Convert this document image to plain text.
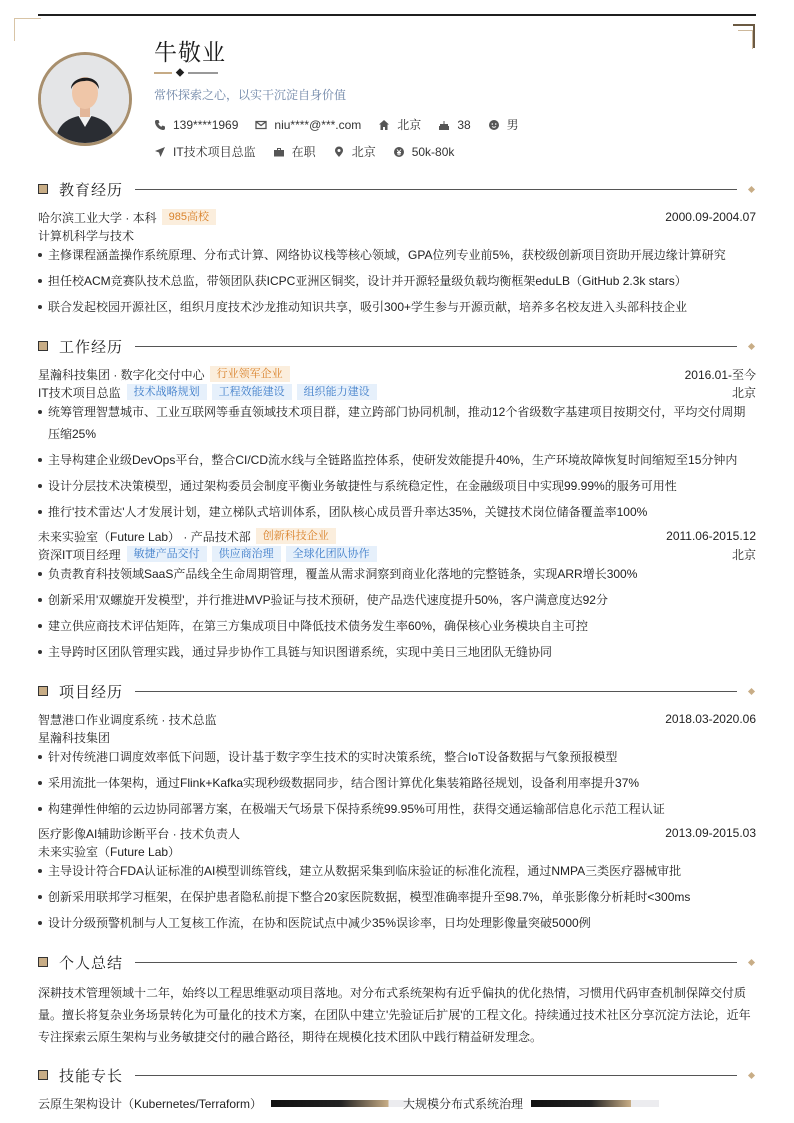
牛敬业
常怀探索之心，以实干沉淀自身价值
139****1969	niu****@***.com	北京	38	男
IT技术项目总监	在职	北京	50k-80k
教育经历
哈尔滨工业大学 · 本科	985高校	2000.09-2004.07
计算机科学与技术
主修课程涵盖操作系统原理、分布式计算、网络协议栈等核心领域，GPA位列专业前5%，获校级创新项目资助开展边缘计算研究
担任校ACM竞赛队技术总监，带领团队获ICPC亚洲区铜奖，设计并开源轻量级负载均衡框架eduLB（GitHub 2.3k stars）
联合发起校园开源社区，组织月度技术沙龙推动知识共享，吸引300+学生参与开源贡献，培养多名校友进入头部科技企业
工作经历
星瀚科技集团 · 数字化交付中心	行业领军企业	2016.01-至今
IT技术项目总监	技术战略规划	工程效能建设	组织能力建设	北京
统筹管理智慧城市、工业互联网等垂直领域技术项目群，建立跨部门协同机制，推动12个省级数字基建项目按期交付，平均交付周期
压缩25%
主导构建企业级DevOps平台，整合CI/CD流水线与全链路监控体系，使研发效能提升40%，生产环境故障恢复时间缩短至15分钟内
设计分层技术决策模型，通过架构委员会制度平衡业务敏捷性与系统稳定性，在金融级项目中实现99.99%的服务可用性
推行'技术雷达'人才发展计划，建立梯队式培训体系，团队核心成员晋升率达35%，关键技术岗位储备覆盖率100%
未来实验室（Future Lab） · 产品技术部	创新科技企业	2011.06-2015.12
资深IT项目经理	敏捷产品交付	供应商治理	全球化团队协作	北京
负责教育科技领域SaaS产品线全生命周期管理，覆盖从需求洞察到商业化落地的完整链条，实现ARR增长300%
创新采用'双螺旋开发模型'，并行推进MVP验证与技术预研，使产品迭代速度提升50%，客户满意度达92分
建立供应商技术评估矩阵，在第三方集成项目中降低技术债务发生率60%，确保核心业务模块自主可控
主导跨时区团队管理实践，通过异步协作工具链与知识图谱系统，实现中美日三地团队无缝协同
项目经历
智慧港口作业调度系统 · 技术总监	2018.03-2020.06
星瀚科技集团
针对传统港口调度效率低下问题，设计基于数字孪生技术的实时决策系统，整合IoT设备数据与气象预报模型
采用流批一体架构，通过Flink+Kafka实现秒级数据同步，结合图计算优化集装箱路径规划，设备利用率提升37%
构建弹性伸缩的云边协同部署方案，在极端天气场景下保持系统99.95%可用性，获得交通运输部信息化示范工程认证
医疗影像AI辅助诊断平台 · 技术负责人	2013.09-2015.03
未来实验室（Future Lab）
主导设计符合FDA认证标准的AI模型训练管线，建立从数据采集到临床验证的标准化流程，通过NMPA三类医疗器械审批
创新采用联邦学习框架，在保护患者隐私前提下整合20家医院数据，模型准确率提升至98.7%，单张影像分析耗时<300ms
设计分级预警机制与人工复核工作流，在协和医院试点中减少35%误诊率，日均处理影像量突破5000例
个人总结
深耕技术管理领域十二年，始终以工程思维驱动项目落地。对分布式系统架构有近乎偏执的优化热情，习惯用代码审查机制保障交付质量。擅长将复杂业务场景转化为可量化的技术方案，在团队中建立'先验证后扩展'的工程文化。持续通过技术社区分享沉淀方法论，近年专注探索云原生架构与业务敏捷交付的融合路径，期待在规模化技术团队中践行精益研发理念。
技能专长
云原生架构设计（Kubernetes/Terraform）	大规模分布式系统治理
